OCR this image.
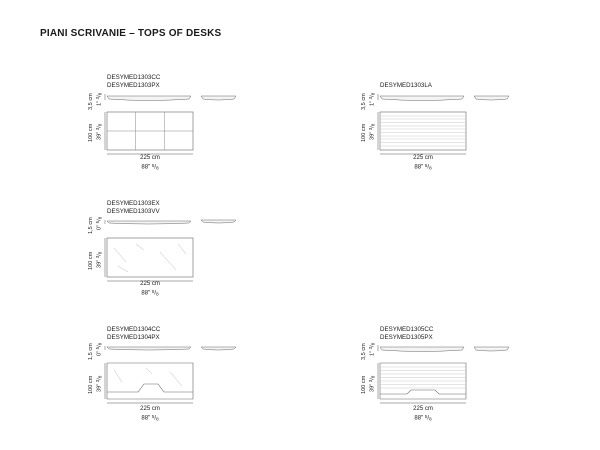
PIANI SCRIVANIE – TOPS OF DESKS
DESYMED1303CC
DESYMED1303PX
3,5 cm 1" $^3/_8$
100 cm 39" $^3/_8$
225 cm
88" $^5/_8$
DESYMED1303LA
3,5 cm 1" $^3/_8$
100 cm 39" $^3/_8$
225 cm
88" $^5/_8$
DESYMED1303EX
DESYMED1303VV
1,5 cm 0" $^5/_8$
100 cm 39" $^3/_8$
225 cm
88" $^5/_8$
DESYMED1304CC
DESYMED1304PX
1,5 cm 0" $^5/_8$
100 cm 39" $^3/_8$
225 cm
88" $^5/_8$
DESYMED1305CC
DESYMED1305PX
3,5 cm 1" $^3/_8$
100 cm 39" $^3/_8$
225 cm
88" $^5/_8$
